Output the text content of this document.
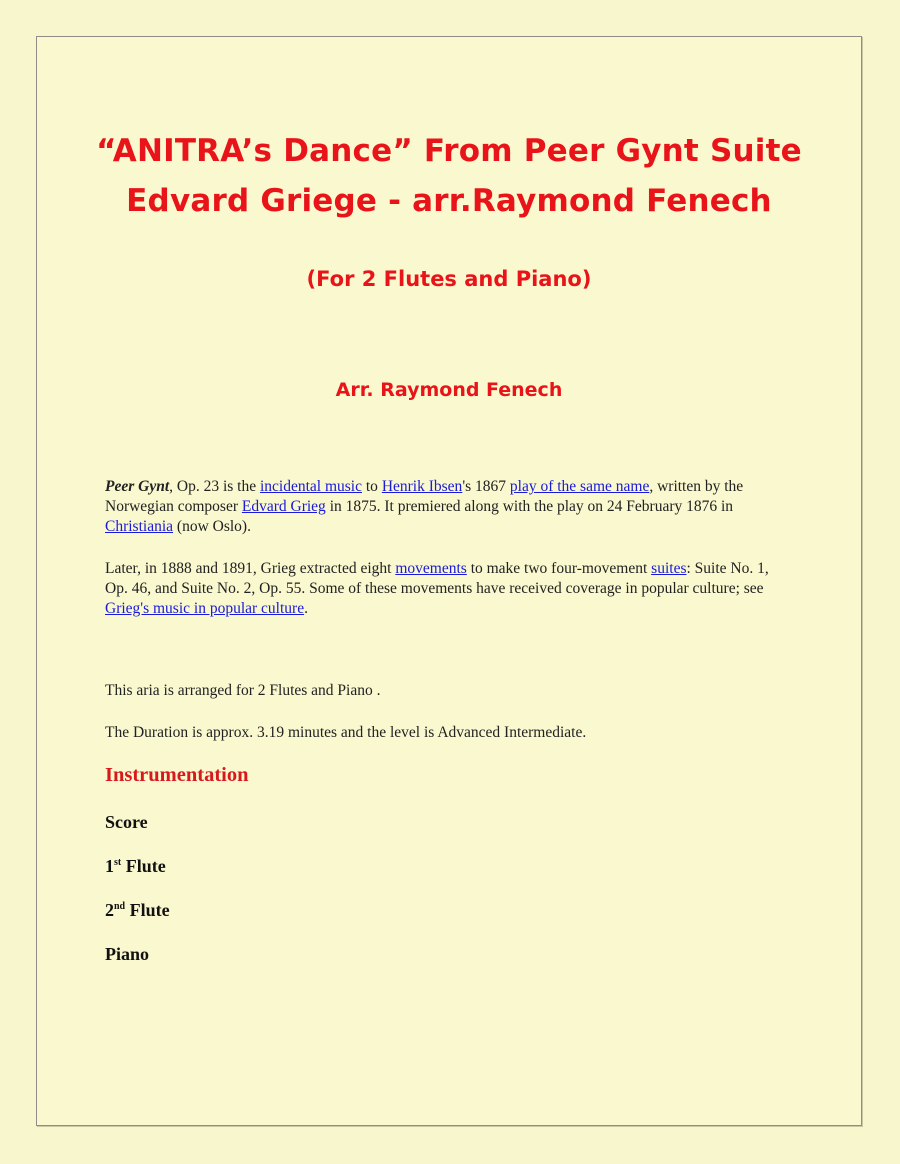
“ANITRA’s Dance” From Peer Gynt Suite
Edvard Griege - arr.Raymond Fenech
(For 2 Flutes and Piano)
Arr. Raymond Fenech

Peer Gynt, Op. 23 is the incidental music to Henrik Ibsen's 1867 play of the same name, written by the Norwegian composer Edvard Grieg in 1875. It premiered along with the play on 24 February 1876 in Christiania (now Oslo).

Later, in 1888 and 1891, Grieg extracted eight movements to make two four-movement suites: Suite No. 1, Op. 46, and Suite No. 2, Op. 55. Some of these movements have received coverage in popular culture; see Grieg's music in popular culture.

This aria is arranged for 2 Flutes and Piano .

The Duration is approx. 3.19 minutes and the level is Advanced Intermediate.

Instrumentation

Score

1st Flute

2nd Flute

Piano
